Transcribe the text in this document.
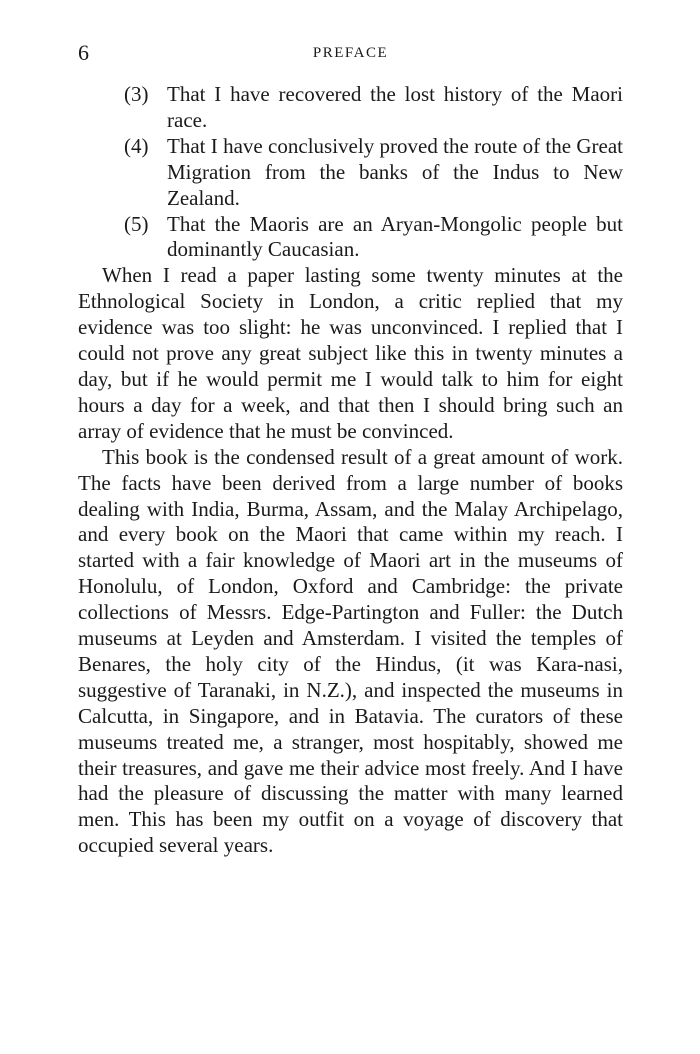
6	PREFACE
(3) That I have recovered the lost history of the Maori race.
(4) That I have conclusively proved the route of the Great Migration from the banks of the Indus to New Zealand.
(5) That the Maoris are an Aryan-Mongolic people but dominantly Caucasian.

When I read a paper lasting some twenty minutes at the Ethnological Society in London, a critic replied that my evidence was too slight: he was unconvinced. I replied that I could not prove any great subject like this in twenty minutes a day, but if he would permit me I would talk to him for eight hours a day for a week, and that then I should bring such an array of evidence that he must be convinced.

This book is the condensed result of a great amount of work. The facts have been derived from a large number of books dealing with India, Burma, Assam, and the Malay Archipelago, and every book on the Maori that came within my reach. I started with a fair knowledge of Maori art in the museums of Honolulu, of London, Oxford and Cambridge: the private collections of Messrs. Edge-Partington and Fuller: the Dutch museums at Leyden and Amsterdam. I visited the temples of Benares, the holy city of the Hindus, (it was Kara-nasi, suggestive of Taranaki, in N.Z.), and inspected the museums in Calcutta, in Singapore, and in Batavia. The curators of these museums treated me, a stranger, most hospitably, showed me their treasures, and gave me their advice most freely. And I have had the pleasure of discussing the matter with many learned men. This has been my outfit on a voyage of discovery that occupied several years.
